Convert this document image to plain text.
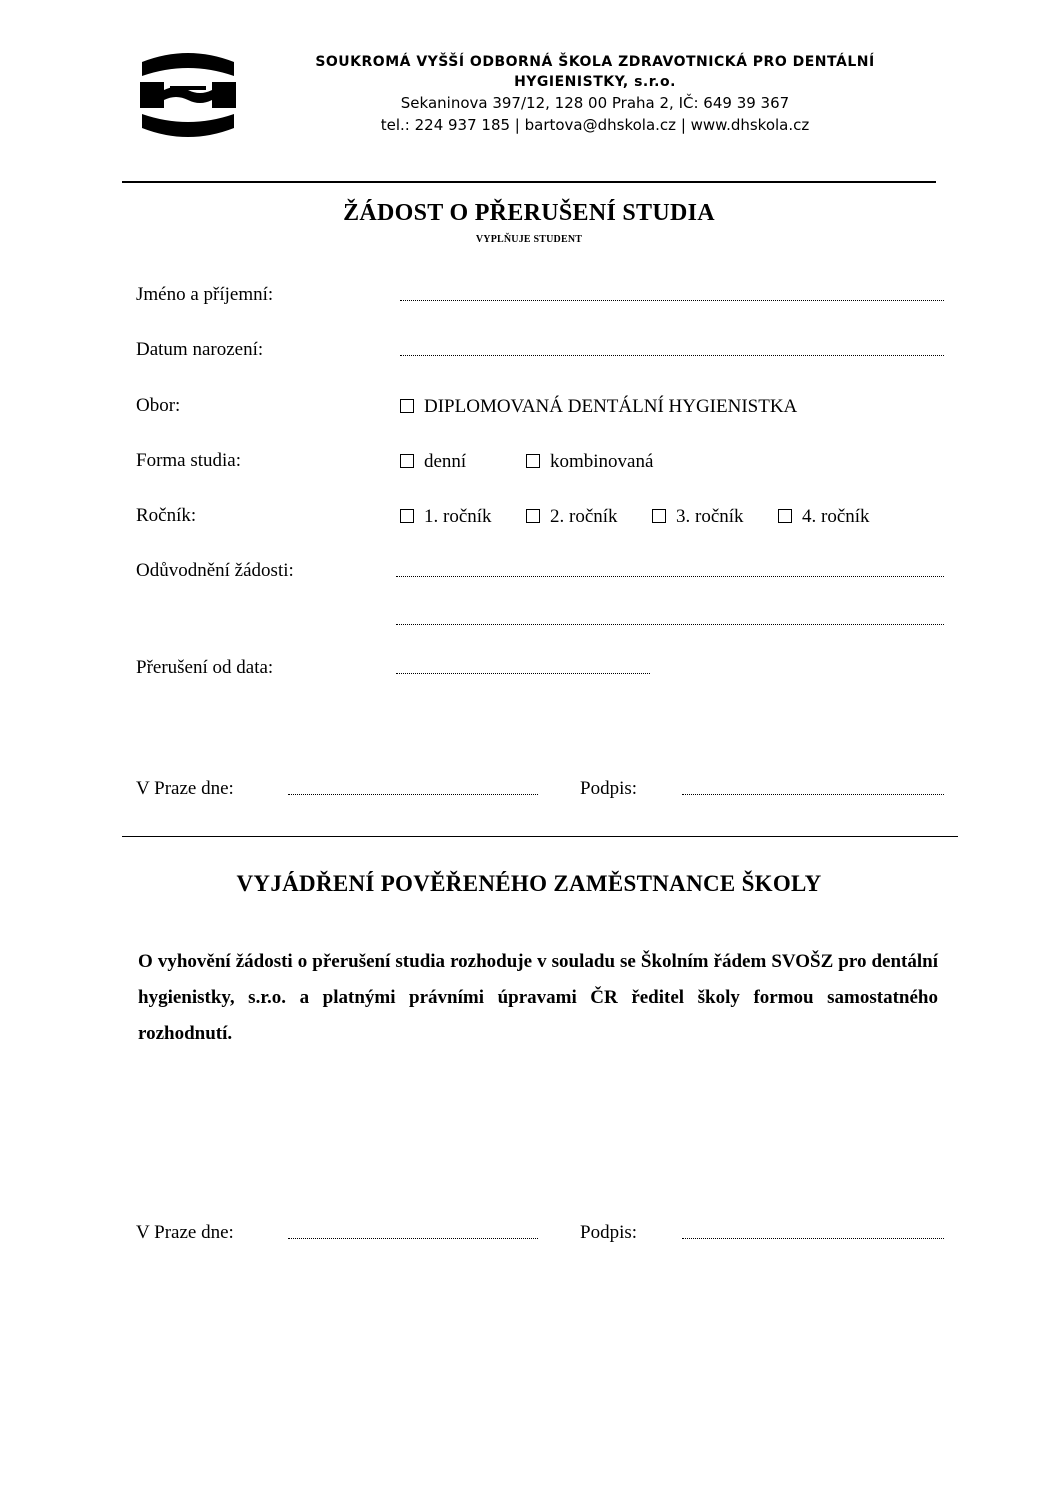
SOUKROMÁ VYŠŠÍ ODBORNÁ ŠKOLA ZDRAVOTNICKÁ PRO DENTÁLNÍ
HYGIENISTKY, s.r.o.
Sekaninova 397/12, 128 00 Praha 2, IČ: 649 39 367
tel.: 224 937 185 | bartova@dhskola.cz | www.dhskola.cz
ŽÁDOST O PŘERUŠENÍ STUDIA
VYPLŇUJE STUDENT
Jméno a příjemní:
Datum narození:
Obor:	DIPLOMOVANÁ DENTÁLNÍ HYGIENISTKA
Forma studia:	denní	kombinovaná
Ročník:	1. ročník	2. ročník	3. ročník	4. ročník
Odůvodnění žádosti:
Přerušení od data:
V Praze dne:	Podpis:
VYJÁDŘENÍ POVĚŘENÉHO ZAMĚSTNANCE ŠKOLY
O vyhovění žádosti o přerušení studia rozhoduje v souladu se Školním řádem SVOŠZ pro dentální hygienistky, s.r.o. a platnými právními úpravami ČR ředitel školy formou samostatného rozhodnutí.
V Praze dne:	Podpis:
